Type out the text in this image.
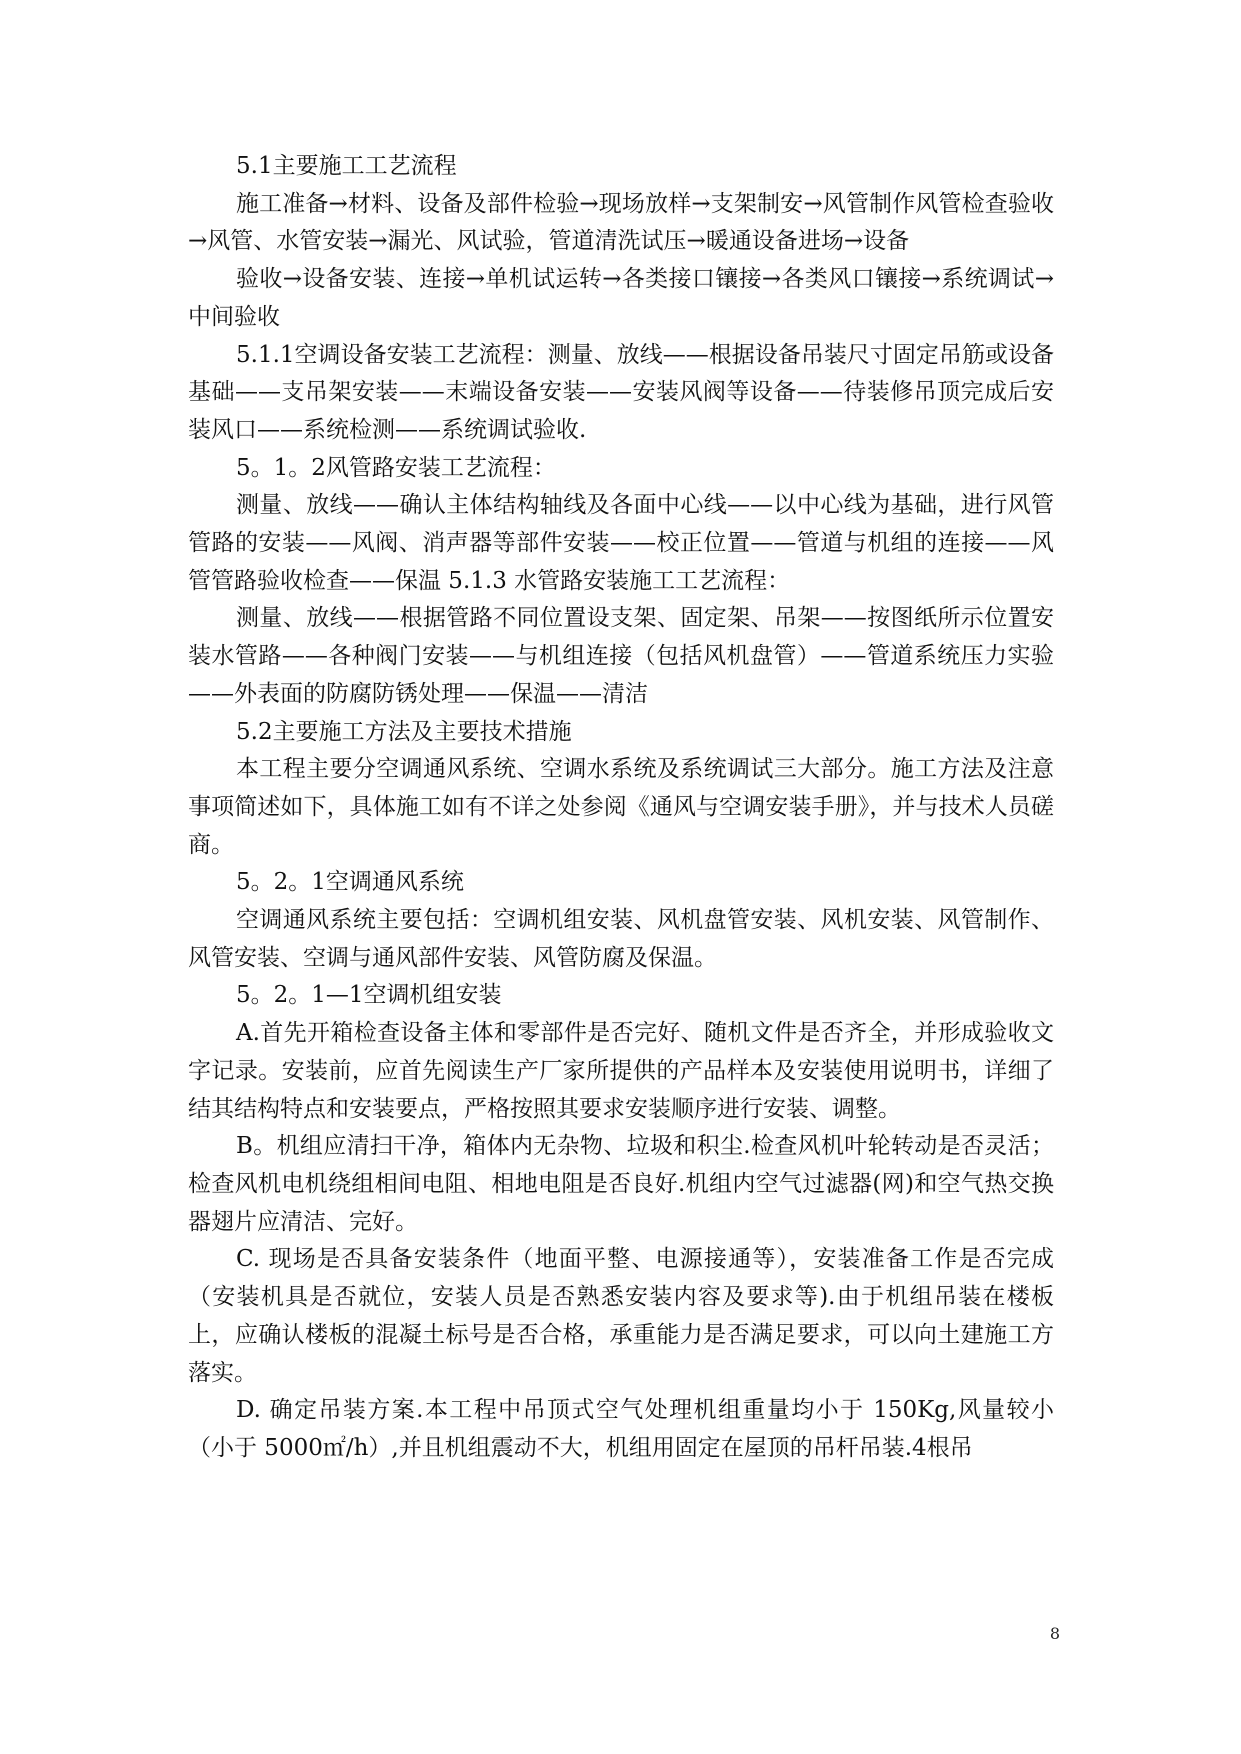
5.1主要施工工艺流程

施工准备→材料、设备及部件检验→现场放样→支架制安→风管制作风管检查验收→风管、水管安装→漏光、风试验，管道清洗试压→暖通设备进场→设备

验收→设备安装、连接→单机试运转→各类接口镶接→各类风口镶接→系统调试→中间验收

5.1.1空调设备安装工艺流程：测量、放线——根据设备吊装尺寸固定吊筋或设备基础——支吊架安装——末端设备安装——安装风阀等设备——待装修吊顶完成后安装风口——系统检测——系统调试验收.

5。1。2风管路安装工艺流程：

测量、放线——确认主体结构轴线及各面中心线——以中心线为基础，进行风管管路的安装——风阀、消声器等部件安装——校正位置——管道与机组的连接——风管管路验收检查——保温 5.1.3 水管路安装施工工艺流程：

测量、放线——根据管路不同位置设支架、固定架、吊架——按图纸所示位置安装水管路——各种阀门安装——与机组连接（包括风机盘管）——管道系统压力实验——外表面的防腐防锈处理——保温——清洁

5.2主要施工方法及主要技术措施

本工程主要分空调通风系统、空调水系统及系统调试三大部分。施工方法及注意事项简述如下，具体施工如有不详之处参阅《通风与空调安装手册》，并与技术人员磋商。

5。2。1空调通风系统

空调通风系统主要包括：空调机组安装、风机盘管安装、风机安装、风管制作、风管安装、空调与通风部件安装、风管防腐及保温。

5。2。1—1空调机组安装

A.首先开箱检查设备主体和零部件是否完好、随机文件是否齐全，并形成验收文字记录。安装前，应首先阅读生产厂家所提供的产品样本及安装使用说明书，详细了结其结构特点和安装要点，严格按照其要求安装顺序进行安装、调整。

B。机组应清扫干净，箱体内无杂物、垃圾和积尘.检查风机叶轮转动是否灵活；检查风机电机绕组相间电阻、相地电阻是否良好.机组内空气过滤器(网)和空气热交换器翅片应清洁、完好。

C. 现场是否具备安装条件（地面平整、电源接通等），安装准备工作是否完成（安装机具是否就位，安装人员是否熟悉安装内容及要求等).由于机组吊装在楼板上，应确认楼板的混凝土标号是否合格，承重能力是否满足要求，可以向土建施工方落实。

D. 确定吊装方案.本工程中吊顶式空气处理机组重量均小于 150Kg,风量较小（小于 5000㎡/h）,并且机组震动不大，机组用固定在屋顶的吊杆吊装.4根吊

8
